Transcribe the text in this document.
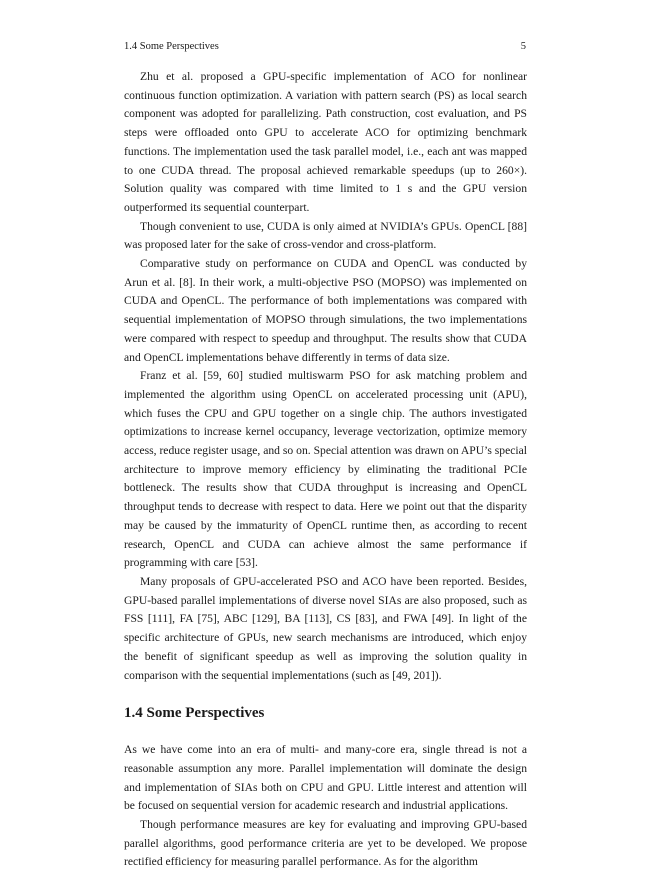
1.4 Some Perspectives	5

Zhu et al. proposed a GPU-specific implementation of ACO for nonlinear continuous function optimization. A variation with pattern search (PS) as local search component was adopted for parallelizing. Path construction, cost evaluation, and PS steps were offloaded onto GPU to accelerate ACO for optimizing benchmark functions. The implementation used the task parallel model, i.e., each ant was mapped to one CUDA thread. The proposal achieved remarkable speedups (up to 260×). Solution quality was compared with time limited to 1 s and the GPU version outperformed its sequential counterpart.

Though convenient to use, CUDA is only aimed at NVIDIA’s GPUs. OpenCL [88] was proposed later for the sake of cross-vendor and cross-platform.

Comparative study on performance on CUDA and OpenCL was conducted by Arun et al. [8]. In their work, a multi-objective PSO (MOPSO) was implemented on CUDA and OpenCL. The performance of both implementations was compared with sequential implementation of MOPSO through simulations, the two implementations were compared with respect to speedup and throughput. The results show that CUDA and OpenCL implementations behave differently in terms of data size.

Franz et al. [59, 60] studied multiswarm PSO for ask matching problem and implemented the algorithm using OpenCL on accelerated processing unit (APU), which fuses the CPU and GPU together on a single chip. The authors investigated optimizations to increase kernel occupancy, leverage vectorization, optimize memory access, reduce register usage, and so on. Special attention was drawn on APU’s special architecture to improve memory efficiency by eliminating the traditional PCIe bottleneck. The results show that CUDA throughput is increasing and OpenCL throughput tends to decrease with respect to data. Here we point out that the disparity may be caused by the immaturity of OpenCL runtime then, as according to recent research, OpenCL and CUDA can achieve almost the same performance if programming with care [53].

Many proposals of GPU-accelerated PSO and ACO have been reported. Besides, GPU-based parallel implementations of diverse novel SIAs are also proposed, such as FSS [111], FA [75], ABC [129], BA [113], CS [83], and FWA [49]. In light of the specific architecture of GPUs, new search mechanisms are introduced, which enjoy the benefit of significant speedup as well as improving the solution quality in comparison with the sequential implementations (such as [49, 201]).

1.4 Some Perspectives

As we have come into an era of multi- and many-core era, single thread is not a reasonable assumption any more. Parallel implementation will dominate the design and implementation of SIAs both on CPU and GPU. Little interest and attention will be focused on sequential version for academic research and industrial applications.

Though performance measures are key for evaluating and improving GPU-based parallel algorithms, good performance criteria are yet to be developed. We propose rectified efficiency for measuring parallel performance. As for the algorithm
